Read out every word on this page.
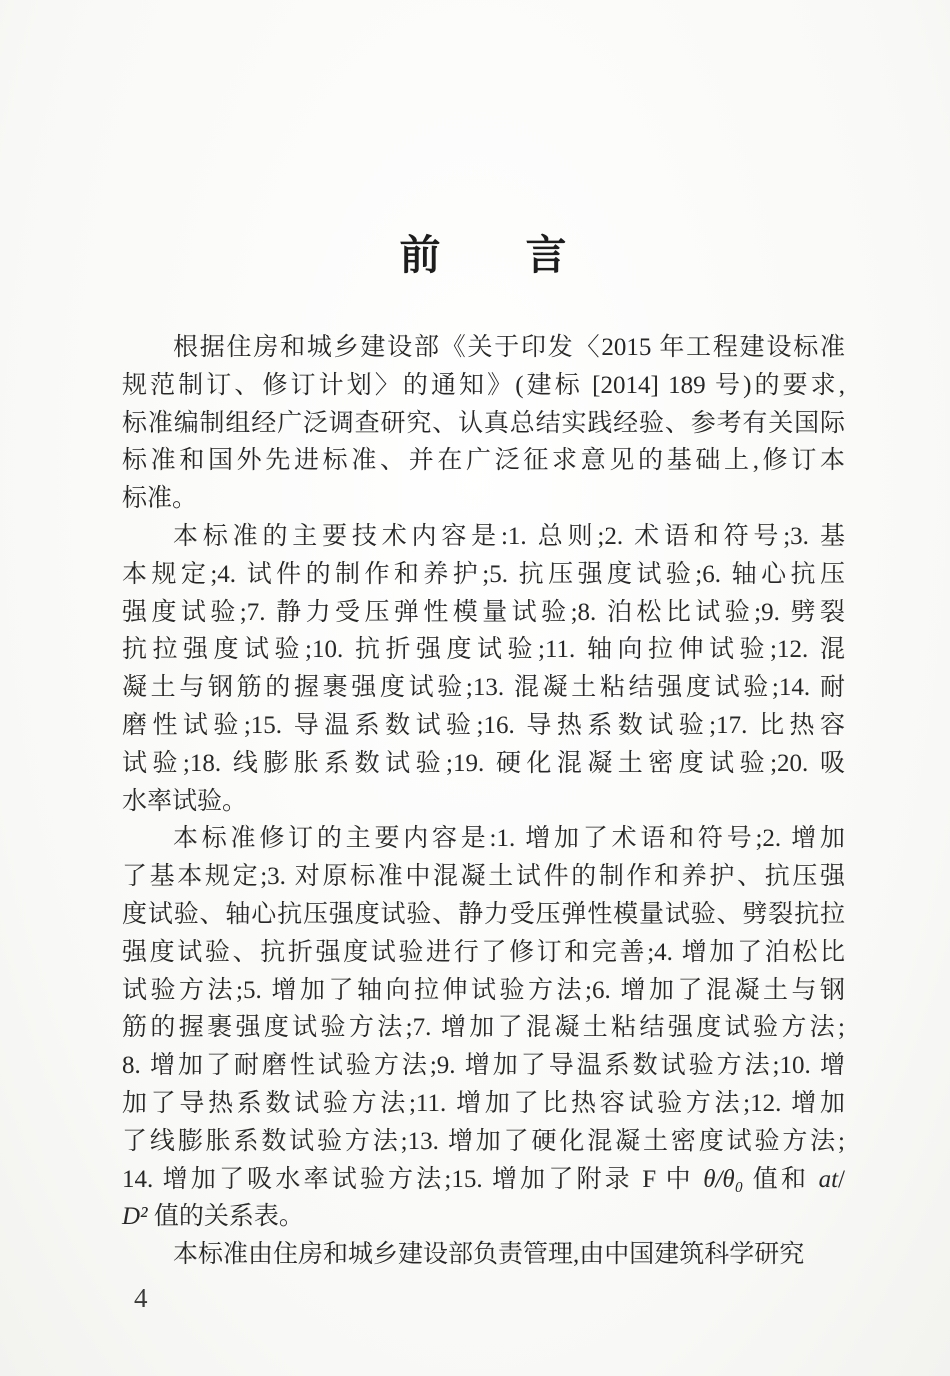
前　　言
根据住房和城乡建设部《关于印发〈2015 年工程建设标准
规范制订、修订计划〉的通知》(建标 [2014] 189 号)的要求,
标准编制组经广泛调查研究、认真总结实践经验、参考有关国际
标准和国外先进标准、并在广泛征求意见的基础上,修订本
标准。
本标准的主要技术内容是:1. 总则;2. 术语和符号;3. 基
本规定;4. 试件的制作和养护;5. 抗压强度试验;6. 轴心抗压
强度试验;7. 静力受压弹性模量试验;8. 泊松比试验;9. 劈裂
抗拉强度试验;10. 抗折强度试验;11. 轴向拉伸试验;12. 混
凝土与钢筋的握裹强度试验;13. 混凝土粘结强度试验;14. 耐
磨性试验;15. 导温系数试验;16. 导热系数试验;17. 比热容
试验;18. 线膨胀系数试验;19. 硬化混凝土密度试验;20. 吸
水率试验。
本标准修订的主要内容是:1. 增加了术语和符号;2. 增加
了基本规定;3. 对原标准中混凝土试件的制作和养护、抗压强
度试验、轴心抗压强度试验、静力受压弹性模量试验、劈裂抗拉
强度试验、抗折强度试验进行了修订和完善;4. 增加了泊松比
试验方法;5. 增加了轴向拉伸试验方法;6. 增加了混凝土与钢
筋的握裹强度试验方法;7. 增加了混凝土粘结强度试验方法;
8. 增加了耐磨性试验方法;9. 增加了导温系数试验方法;10. 增
加了导热系数试验方法;11. 增加了比热容试验方法;12. 增加
了线膨胀系数试验方法;13. 增加了硬化混凝土密度试验方法;
14. 增加了吸水率试验方法;15. 增加了附录 F 中 θ/θ₀ 值和 at/
D² 值的关系表。
本标准由住房和城乡建设部负责管理,由中国建筑科学研究
4
